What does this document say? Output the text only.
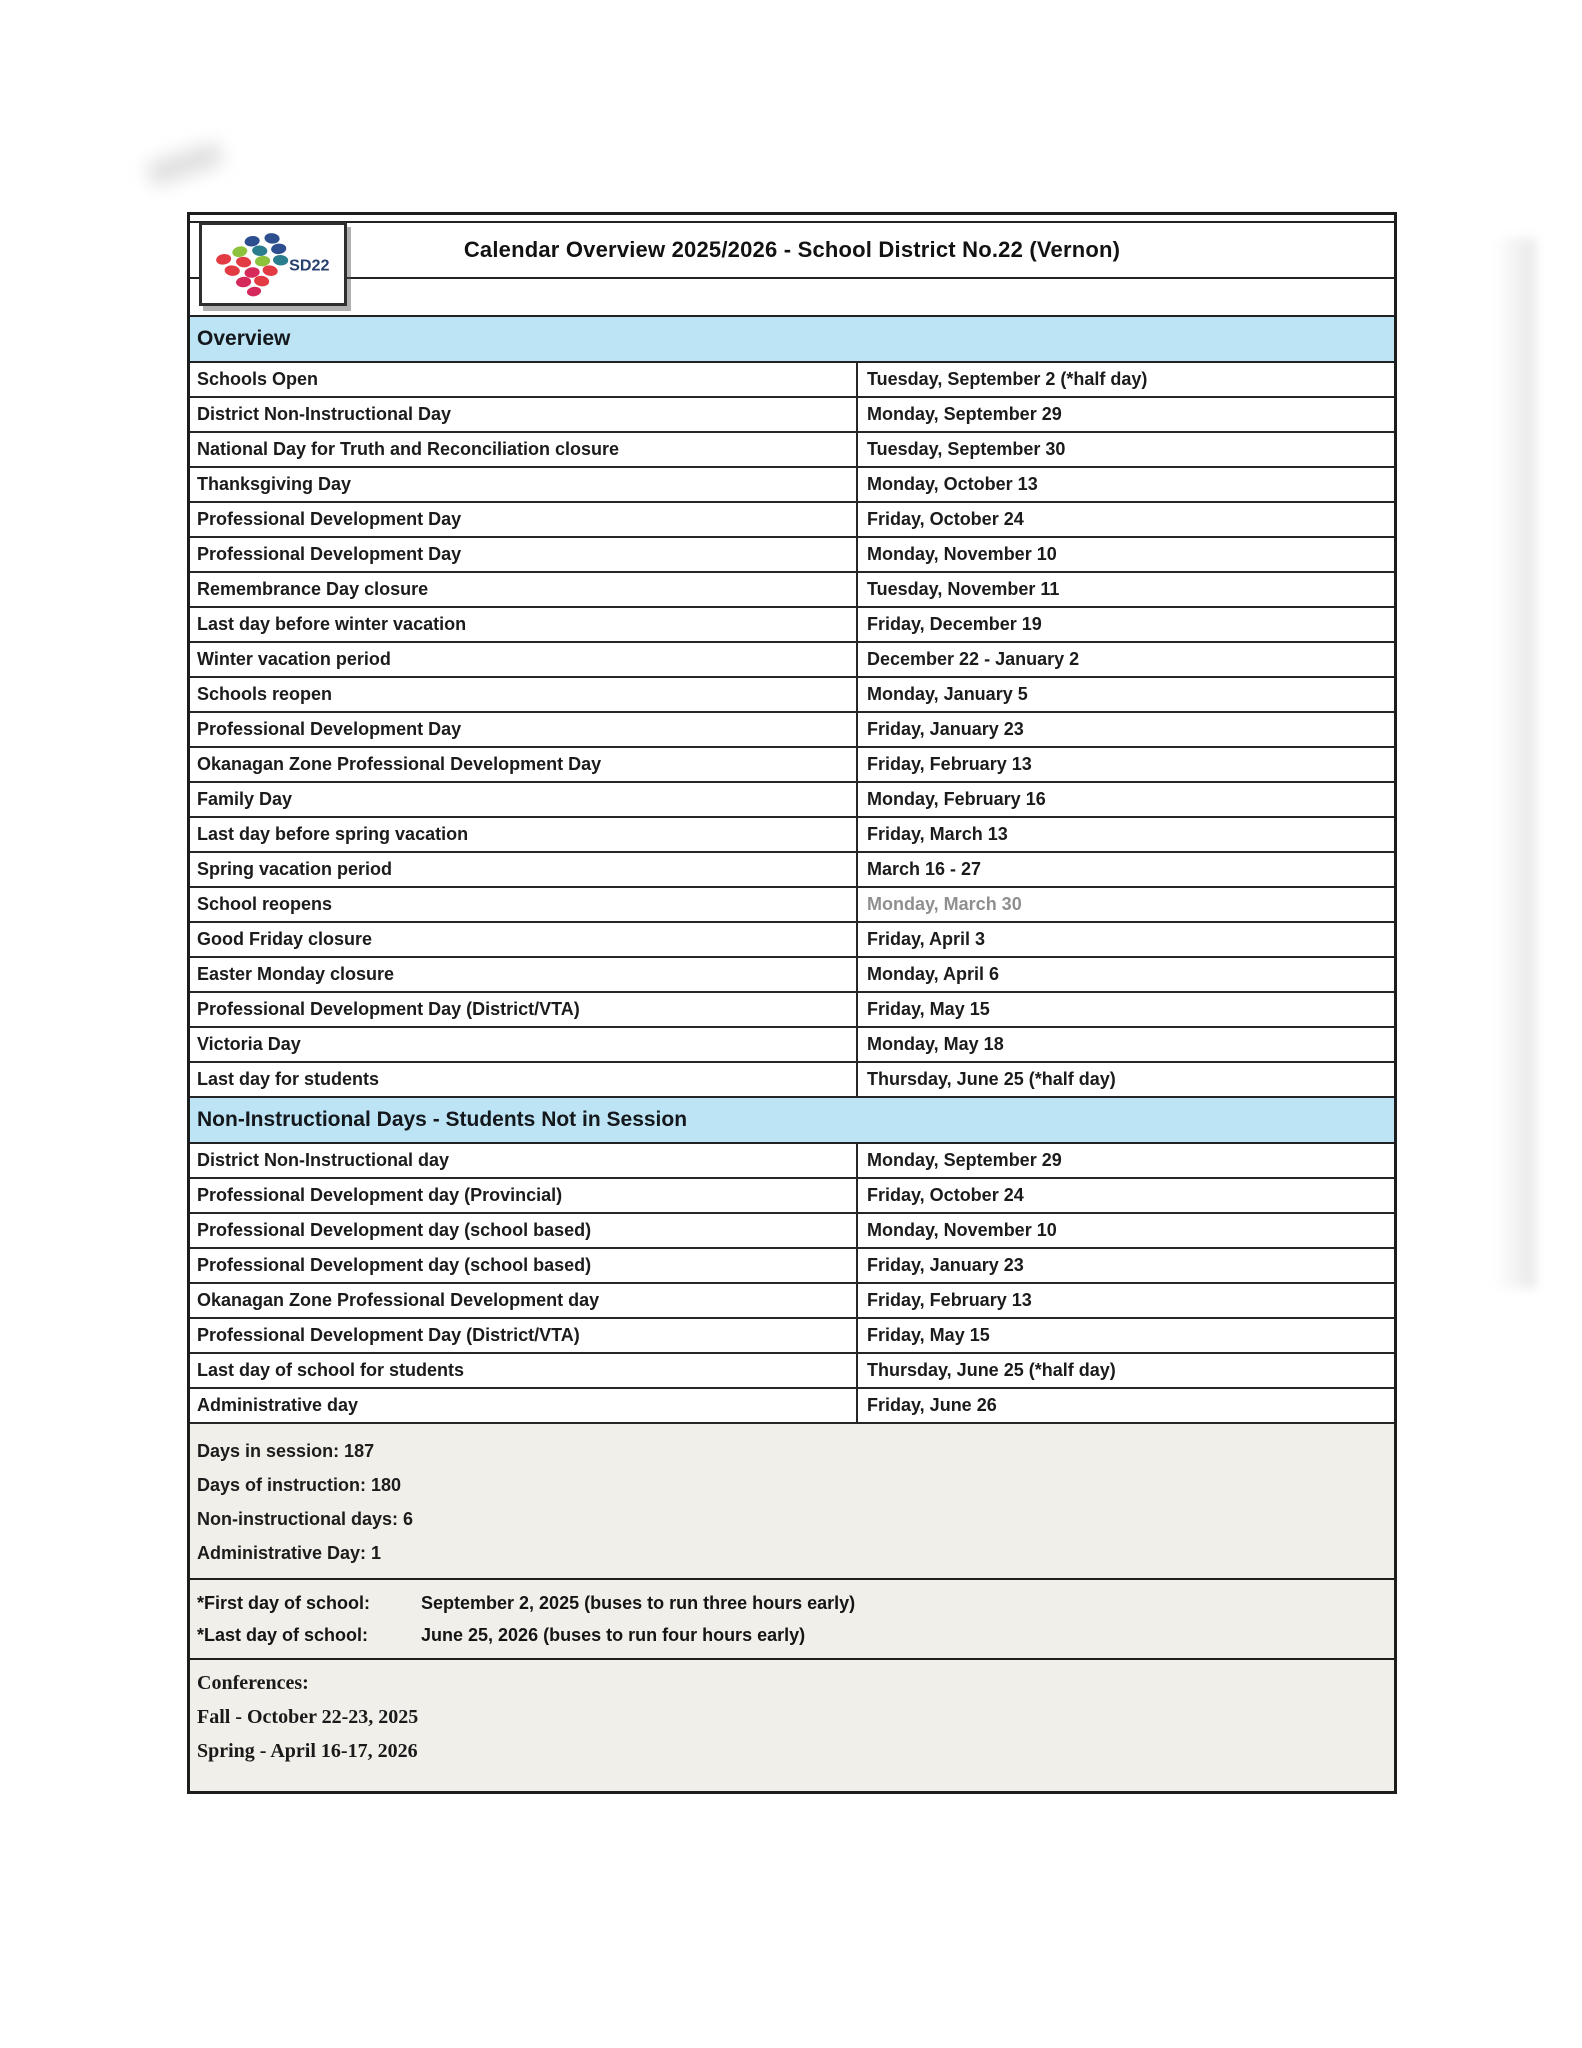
SD22
Calendar Overview 2025/2026 - School District No.22 (Vernon)
Overview
Schools Open	Tuesday, September 2 (*half day)
District Non-Instructional Day	Monday, September 29
National Day for Truth and Reconciliation closure	Tuesday, September 30
Thanksgiving Day	Monday, October 13
Professional Development Day	Friday, October 24
Professional Development Day	Monday, November 10
Remembrance Day closure	Tuesday, November 11
Last day before winter vacation	Friday, December 19
Winter vacation period	December 22 - January 2
Schools reopen	Monday, January 5
Professional Development Day	Friday, January 23
Okanagan Zone Professional Development Day	Friday, February 13
Family Day	Monday, February 16
Last day before spring vacation	Friday, March 13
Spring vacation period	March 16 - 27
School reopens	Monday, March 30
Good Friday closure	Friday, April 3
Easter Monday closure	Monday, April 6
Professional Development Day (District/VTA)	Friday, May 15
Victoria Day	Monday, May 18
Last day for students	Thursday, June 25 (*half day)
Non-Instructional Days - Students Not in Session
District Non-Instructional day	Monday, September 29
Professional Development day (Provincial)	Friday, October 24
Professional Development day (school based)	Monday, November 10
Professional Development day (school based)	Friday, January 23
Okanagan Zone Professional Development day	Friday, February 13
Professional Development Day (District/VTA)	Friday, May 15
Last day of school for students	Thursday, June 25 (*half day)
Administrative day	Friday, June 26
Days in session: 187
Days of instruction: 180
Non-instructional days: 6
Administrative Day: 1
*First day of school:	September 2, 2025 (buses to run three hours early)
*Last day of school:	June 25, 2026 (buses to run four hours early)
Conferences:
Fall - October 22-23, 2025
Spring - April 16-17, 2026
